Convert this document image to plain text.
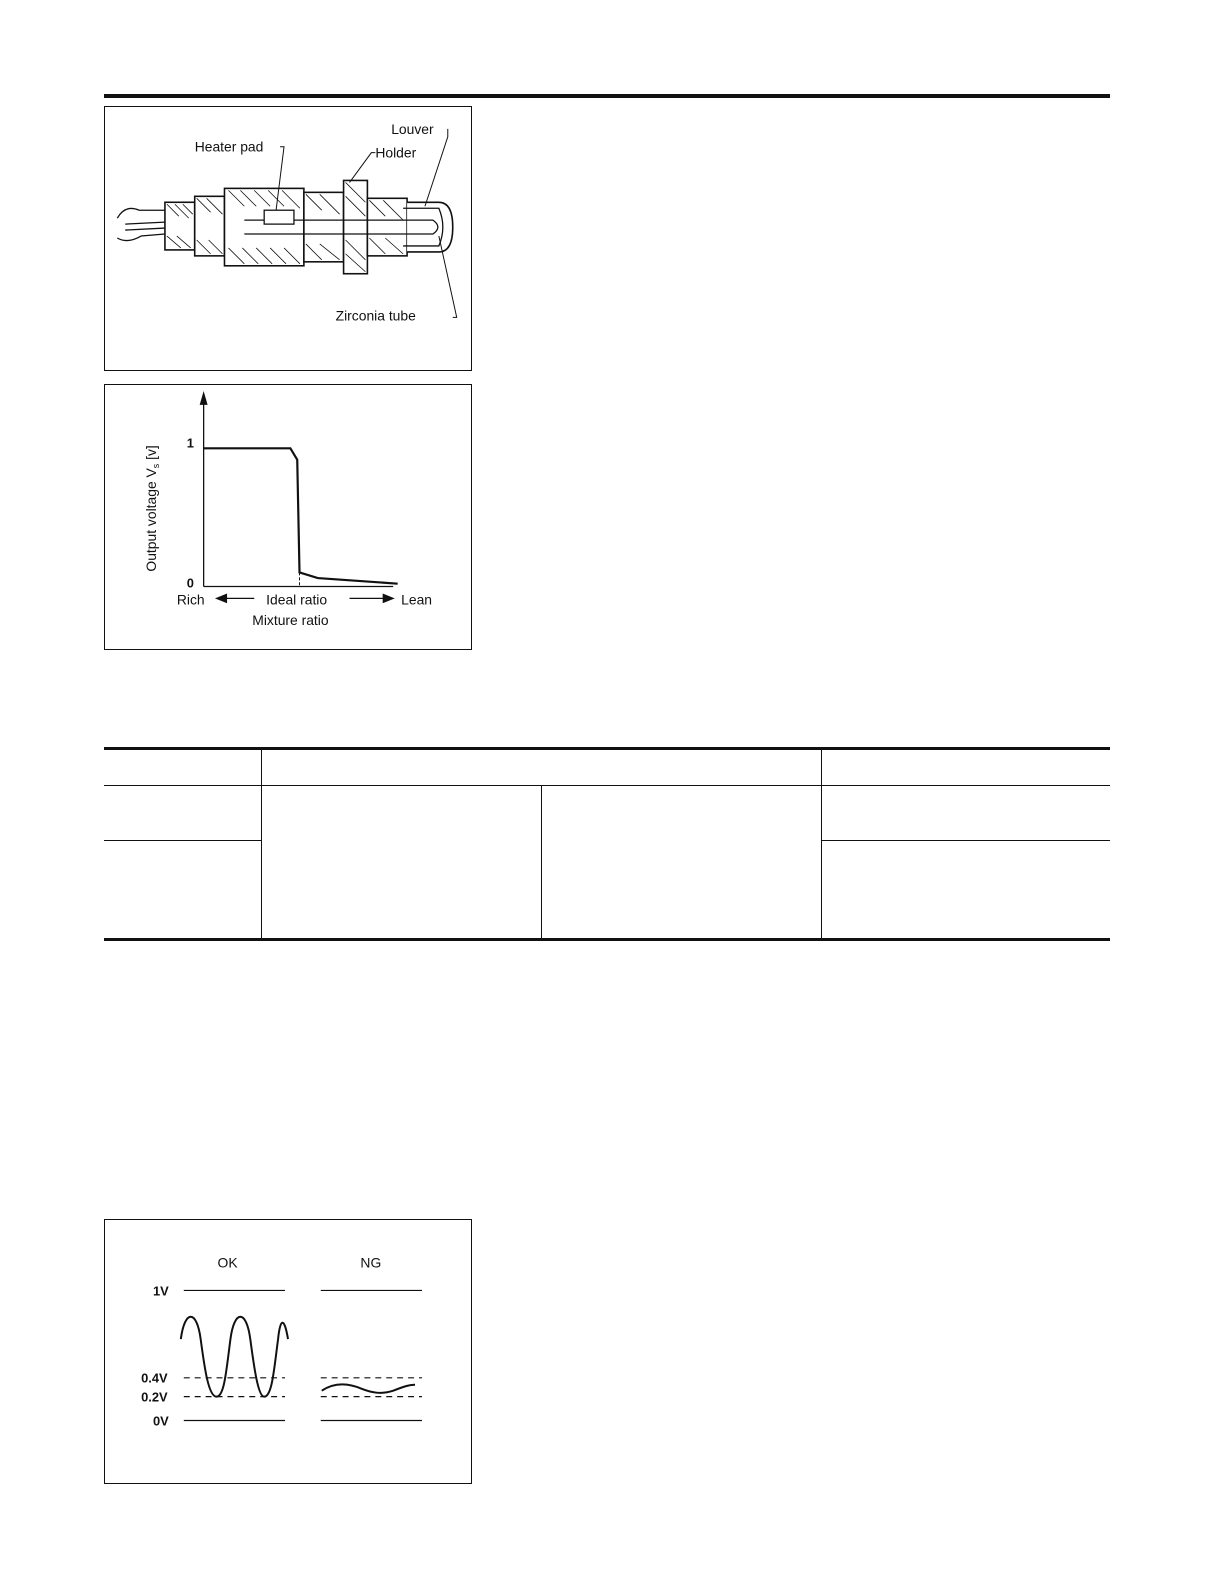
Louver
Heater pad	Holder
Zirconia tube
1
0
Output voltage $V_s$ [v]
Rich	Ideal ratio	Lean
Mixture ratio
OK	NG
1V
0.4V
0.2V
0V
